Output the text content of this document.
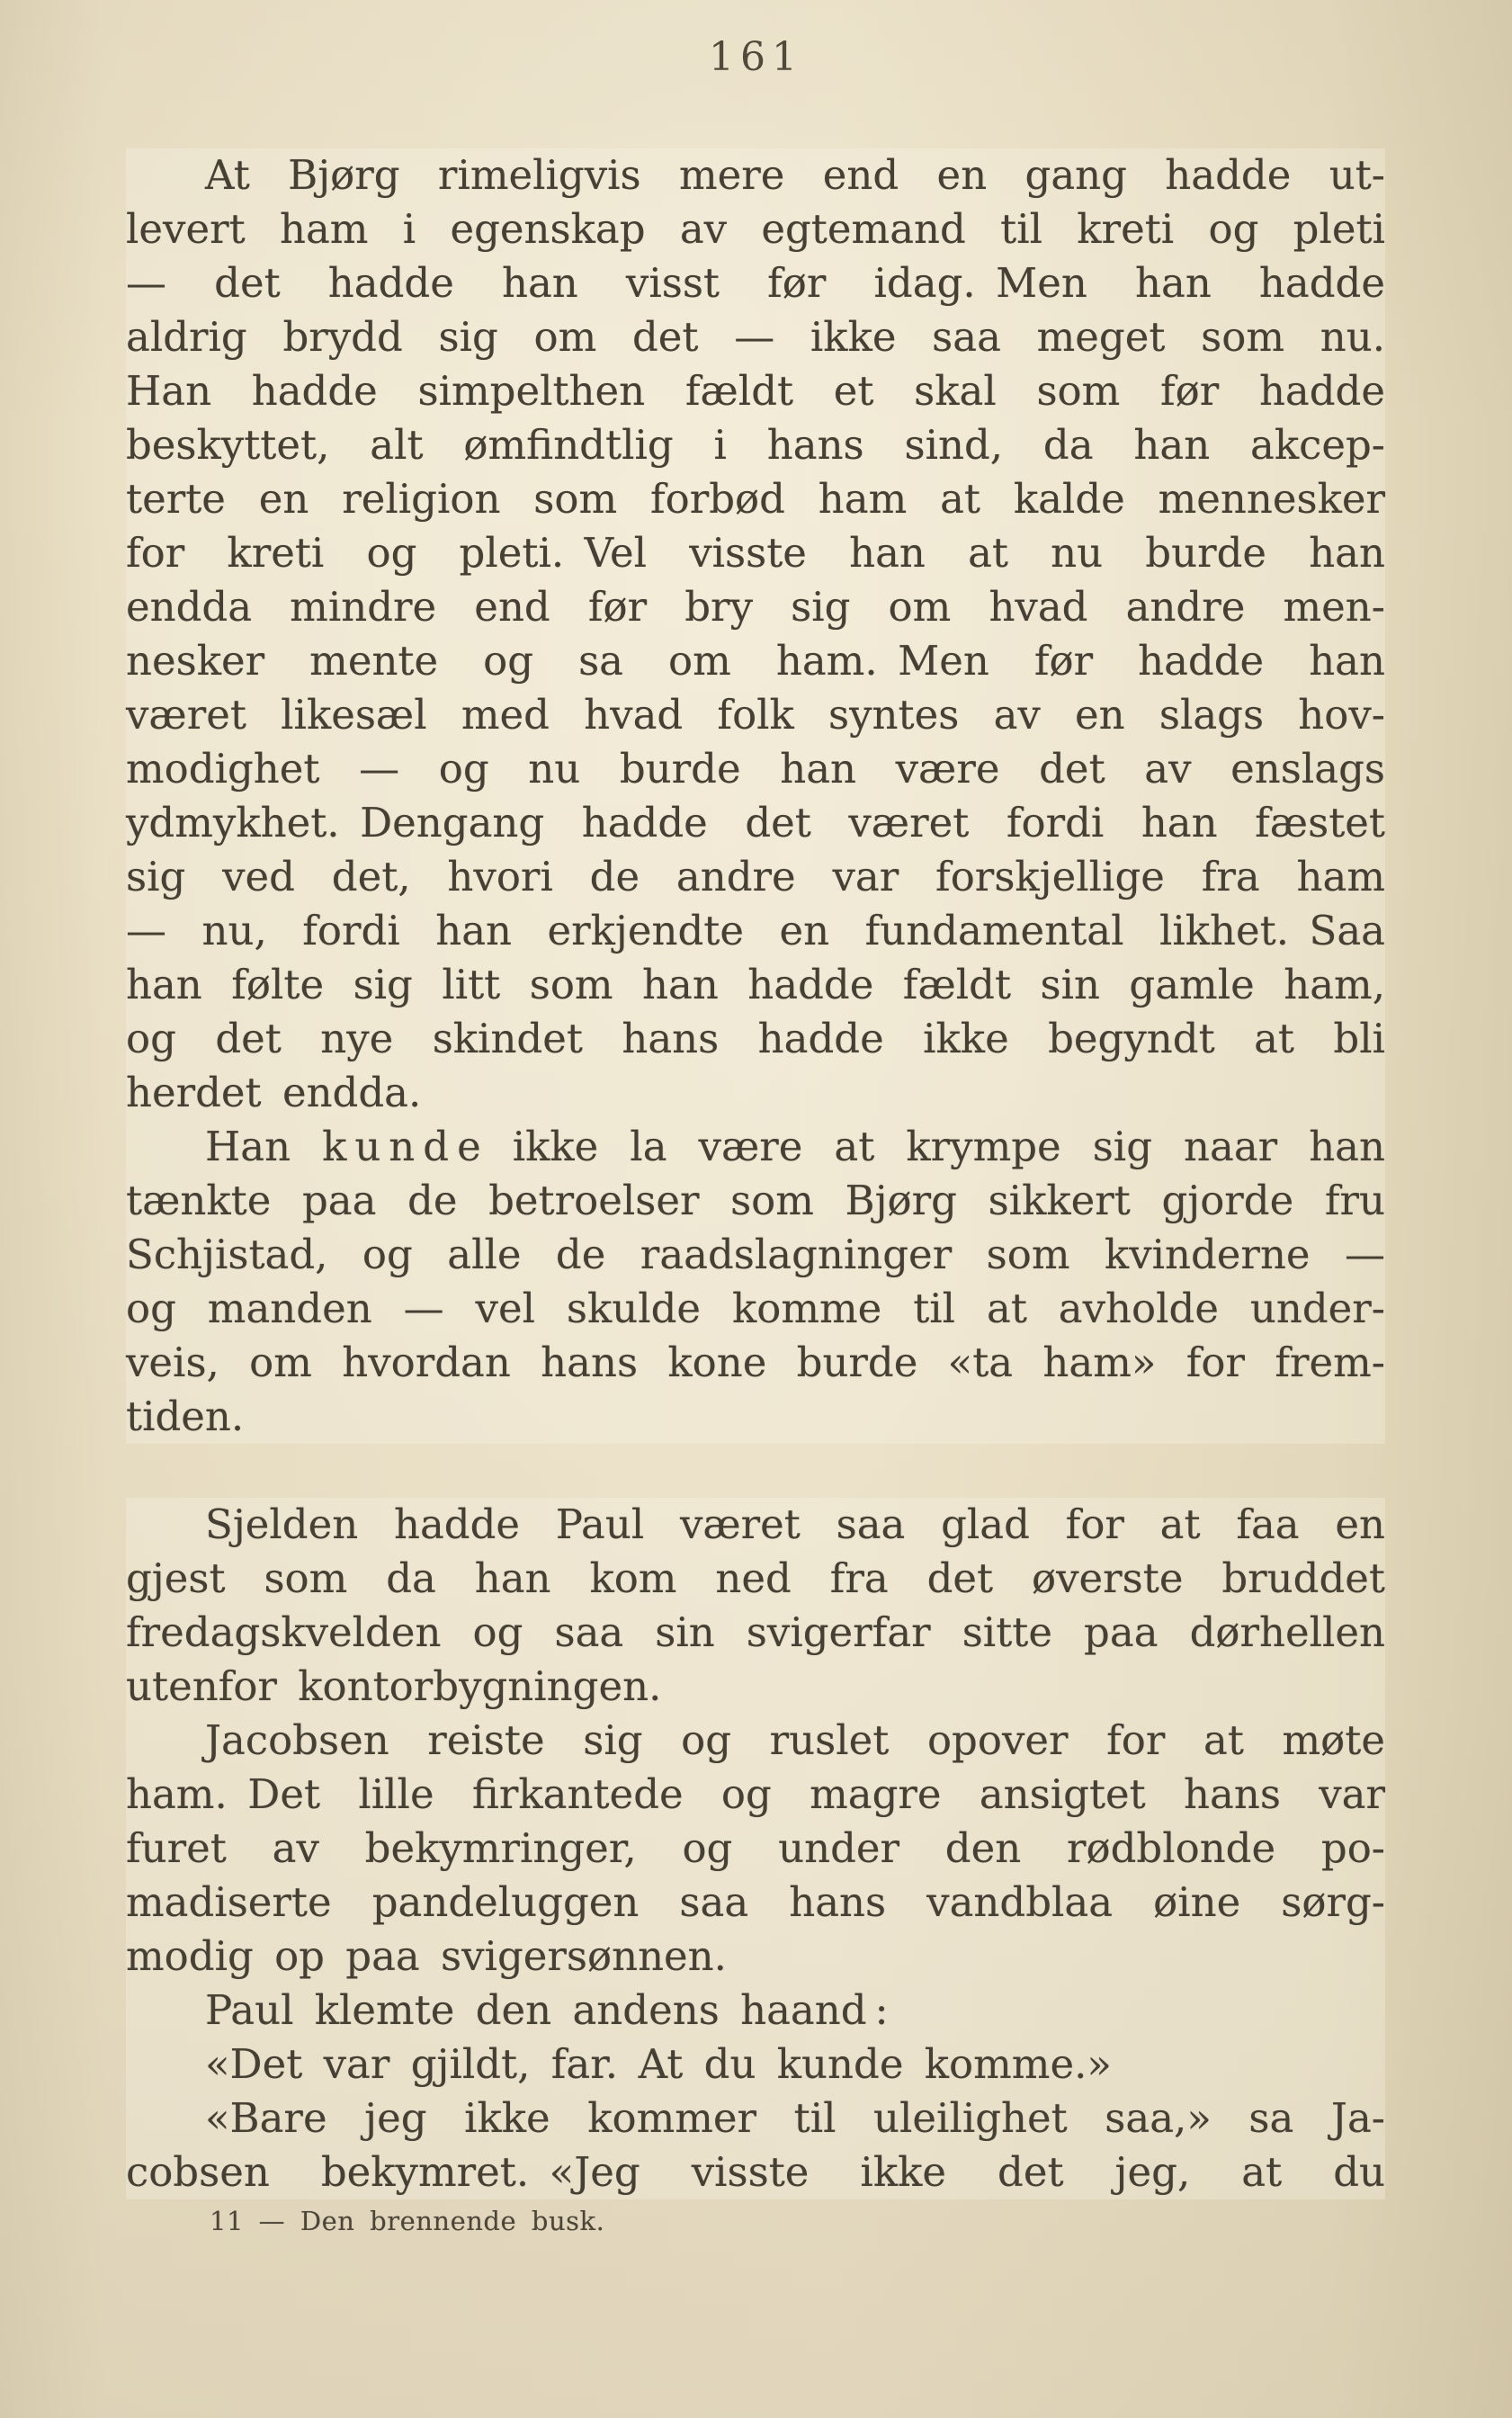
161
At Bjørg rimeligvis mere end en gang hadde ut-
levert ham i egenskap av egtemand til kreti og pleti
— det hadde han visst før idag. Men han hadde
aldrig brydd sig om det — ikke saa meget som nu.
Han hadde simpelthen fældt et skal som før hadde
beskyttet, alt ømfindtlig i hans sind, da han akcep-
terte en religion som forbød ham at kalde mennesker
for kreti og pleti. Vel visste han at nu burde han
endda mindre end før bry sig om hvad andre men-
nesker mente og sa om ham. Men før hadde han
været likesæl med hvad folk syntes av en slags hov-
modighet — og nu burde han være det av enslags
ydmykhet. Dengang hadde det været fordi han fæstet
sig ved det, hvori de andre var forskjellige fra ham
— nu, fordi han erkjendte en fundamental likhet. Saa
han følte sig litt som han hadde fældt sin gamle ham,
og det nye skindet hans hadde ikke begyndt at bli
herdet endda.
Han k u n d e ikke la være at krympe sig naar han
tænkte paa de betroelser som Bjørg sikkert gjorde fru
Schjistad, og alle de raadslagninger som kvinderne —
og manden — vel skulde komme til at avholde under-
veis, om hvordan hans kone burde «ta ham» for frem-
tiden.
Sjelden hadde Paul været saa glad for at faa en
gjest som da han kom ned fra det øverste bruddet
fredagskvelden og saa sin svigerfar sitte paa dørhellen
utenfor kontorbygningen.
Jacobsen reiste sig og ruslet opover for at møte
ham. Det lille firkantede og magre ansigtet hans var
furet av bekymringer, og under den rødblonde po-
madiserte pandeluggen saa hans vandblaa øine sørg-
modig op paa svigersønnen.
Paul klemte den andens haand :
«Det var gjildt, far. At du kunde komme.»
«Bare jeg ikke kommer til uleilighet saa,» sa Ja-
cobsen bekymret. «Jeg visste ikke det jeg, at du
11 — Den brennende busk.
